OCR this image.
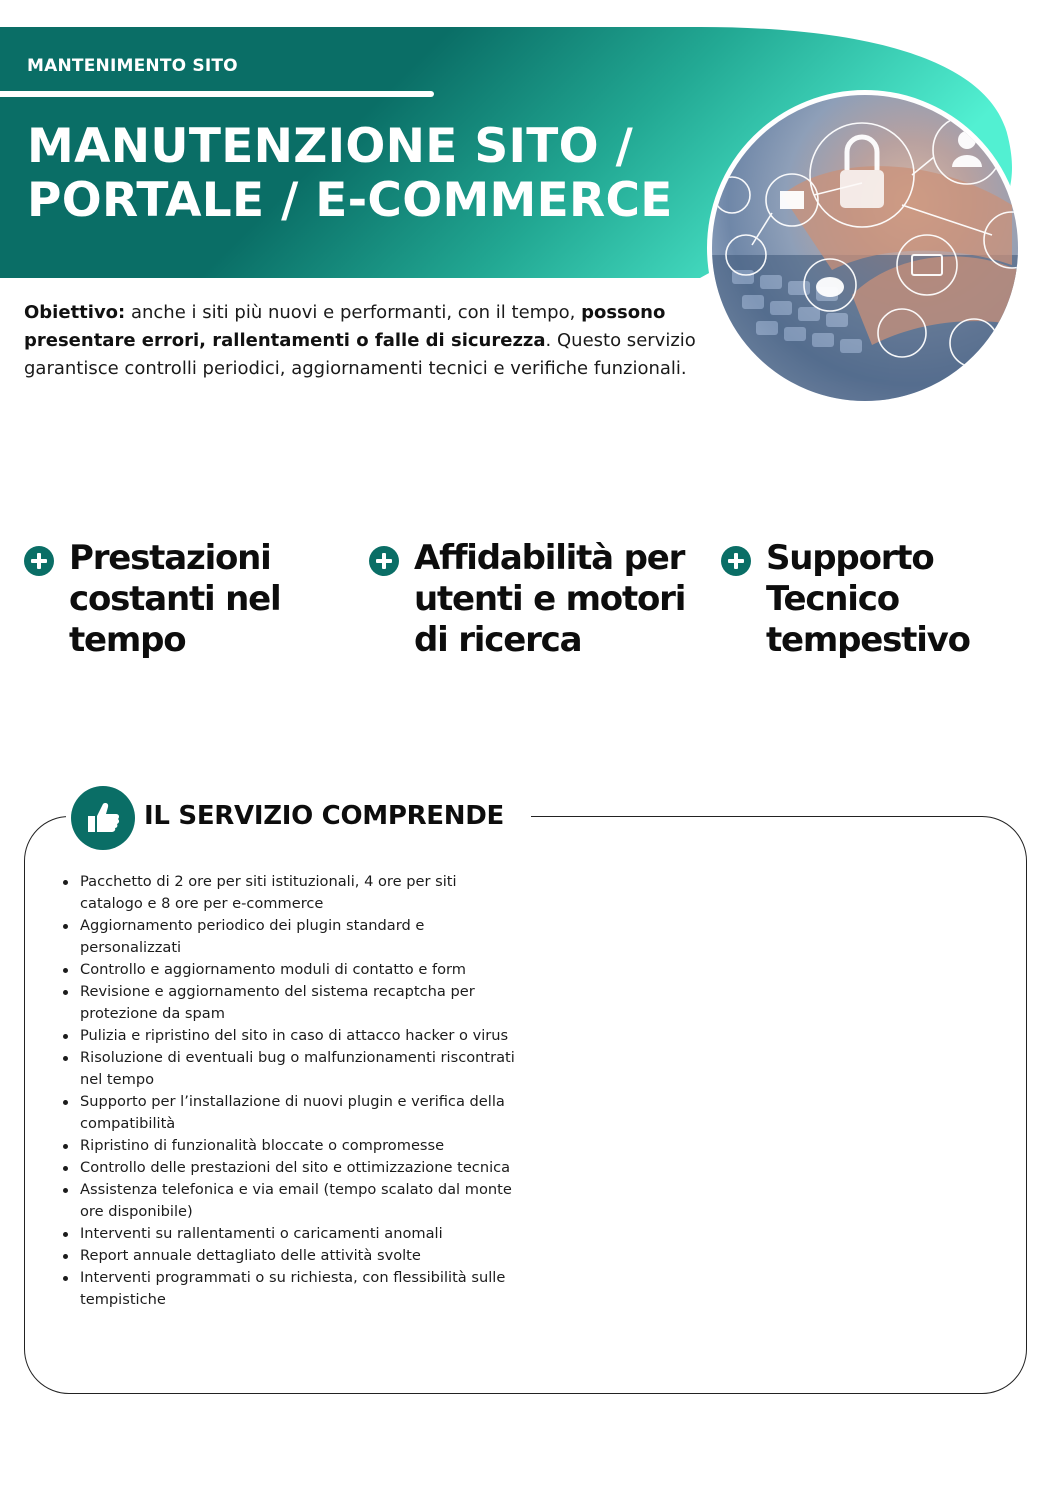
MANTENIMENTO SITO
MANUTENZIONE SITO / PORTALE / E-COMMERCE

Obiettivo: anche i siti più nuovi e performanti, con il tempo, possono presentare errori, rallentamenti o falle di sicurezza. Questo servizio garantisce controlli periodici, aggiornamenti tecnici e verifiche funzionali.

Prestazioni costanti nel tempo
Affidabilità per utenti e motori di ricerca
Supporto Tecnico tempestivo
IL SERVIZIO COMPRENDE
Pacchetto di 2 ore per siti istituzionali, 4 ore per siti catalogo e 8 ore per e-commerce
Aggiornamento periodico dei plugin standard e personalizzati
Controllo e aggiornamento moduli di contatto e form
Revisione e aggiornamento del sistema recaptcha per protezione da spam
Pulizia e ripristino del sito in caso di attacco hacker o virus
Risoluzione di eventuali bug o malfunzionamenti riscontrati nel tempo
Supporto per l’installazione di nuovi plugin e verifica della compatibilità
Ripristino di funzionalità bloccate o compromesse
Controllo delle prestazioni del sito e ottimizzazione tecnica
Assistenza telefonica e via email (tempo scalato dal monte ore disponibile)
Interventi su rallentamenti o caricamenti anomali
Report annuale dettagliato delle attività svolte
Interventi programmati o su richiesta, con flessibilità sulle tempistiche
